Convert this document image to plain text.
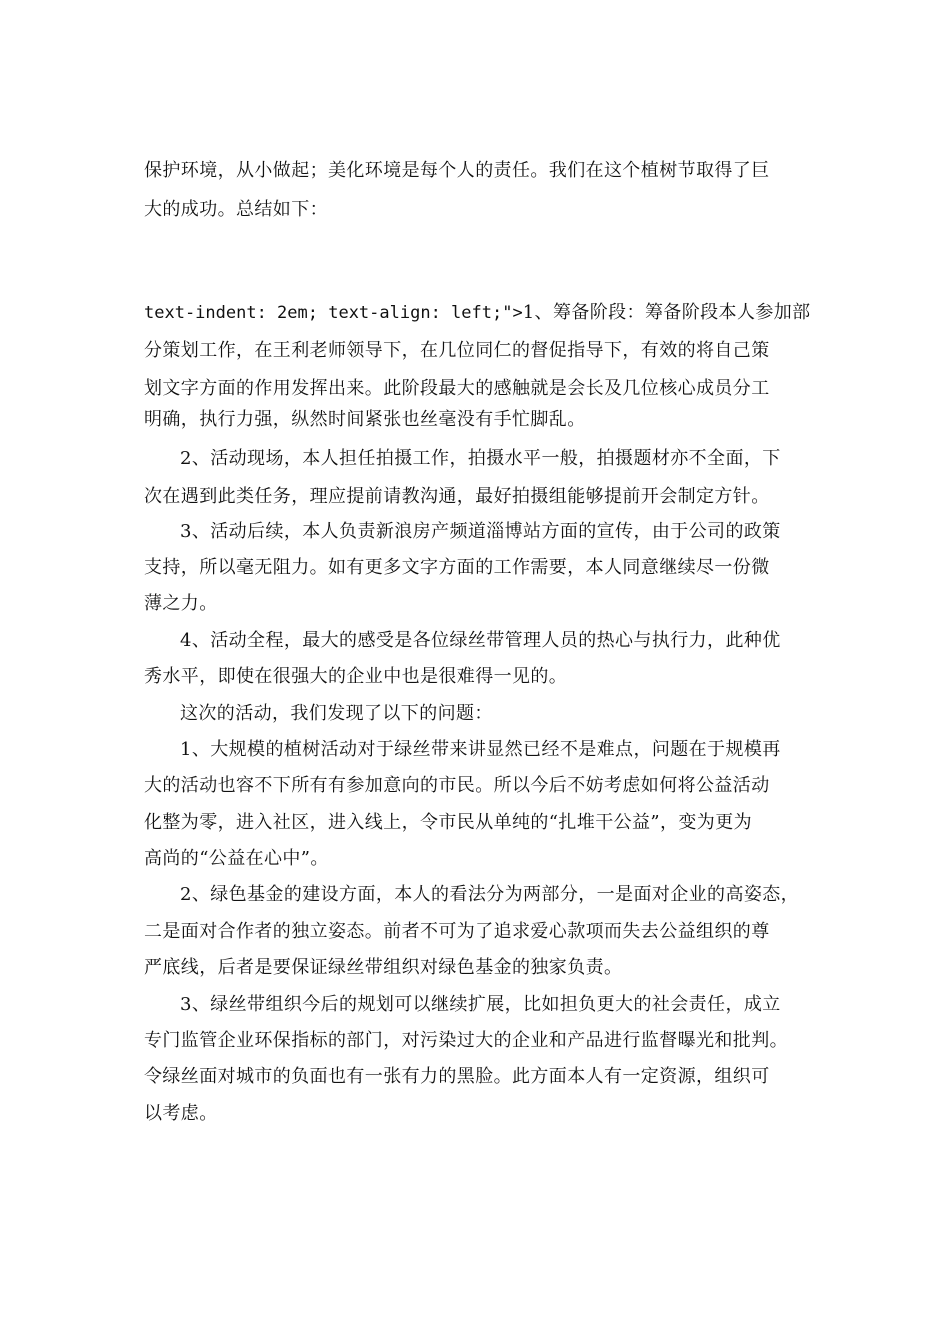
保护环境，从小做起；美化环境是每个人的责任。我们在这个植树节取得了巨
大的成功。总结如下：
text-indent: 2em; text-align: left;">1、筹备阶段：筹备阶段本人参加部
分策划工作，在王利老师领导下，在几位同仁的督促指导下，有效的将自己策
划文字方面的作用发挥出来。此阶段最大的感触就是会长及几位核心成员分工
明确，执行力强，纵然时间紧张也丝毫没有手忙脚乱。
2、活动现场，本人担任拍摄工作，拍摄水平一般，拍摄题材亦不全面，下
次在遇到此类任务，理应提前请教沟通，最好拍摄组能够提前开会制定方针。
3、活动后续，本人负责新浪房产频道淄博站方面的宣传，由于公司的政策
支持，所以毫无阻力。如有更多文字方面的工作需要，本人同意继续尽一份微
薄之力。
4、活动全程，最大的感受是各位绿丝带管理人员的热心与执行力，此种优
秀水平，即使在很强大的企业中也是很难得一见的。
这次的活动，我们发现了以下的问题：
1、大规模的植树活动对于绿丝带来讲显然已经不是难点，问题在于规模再
大的活动也容不下所有有参加意向的市民。所以今后不妨考虑如何将公益活动
化整为零，进入社区，进入线上，令市民从单纯的“扎堆干公益”，变为更为
高尚的“公益在心中”。
2、绿色基金的建设方面，本人的看法分为两部分，一是面对企业的高姿态，
二是面对合作者的独立姿态。前者不可为了追求爱心款项而失去公益组织的尊
严底线，后者是要保证绿丝带组织对绿色基金的独家负责。
3、绿丝带组织今后的规划可以继续扩展，比如担负更大的社会责任，成立
专门监管企业环保指标的部门，对污染过大的企业和产品进行监督曝光和批判。
令绿丝面对城市的负面也有一张有力的黑脸。此方面本人有一定资源，组织可
以考虑。
